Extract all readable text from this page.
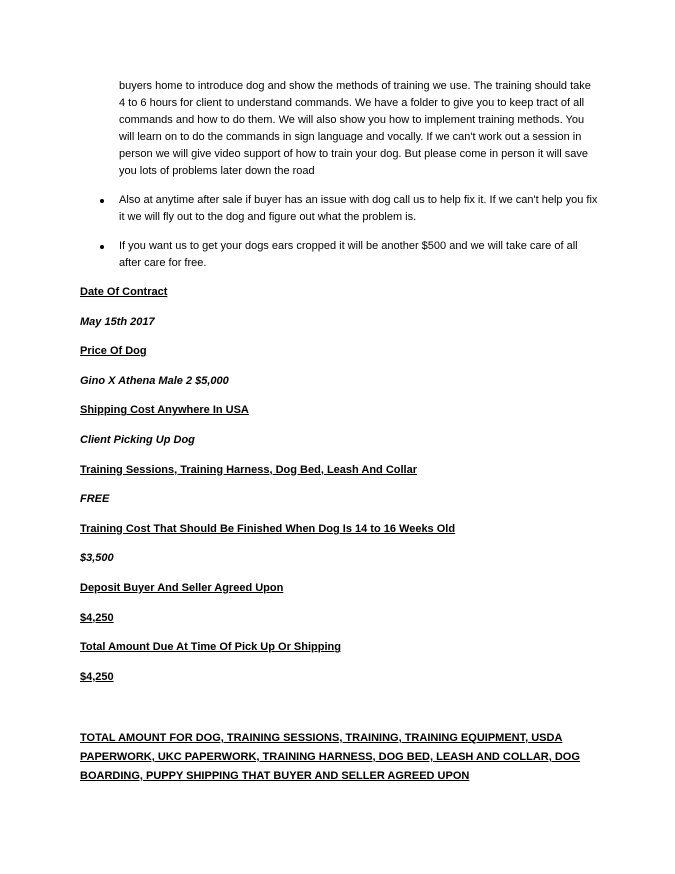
buyers home to introduce dog and show the methods of training we use. The training should take 4 to 6 hours for client to understand commands. We have a folder to give you to keep tract of all commands and how to do them. We will also show you how to implement training methods. You will learn on to do the commands in sign language and vocally. If we can't work out a session in person we will give video support of how to train your dog. But please come in person it will save you lots of problems later down the road
Also at anytime after sale if buyer has an issue with dog call us to help fix it. If we can't help you fix it we will fly out to the dog and figure out what the problem is.
If you want us to get your dogs ears cropped it will be another $500 and we will take care of all after care for free.
Date Of Contract
May 15th 2017
Price Of Dog
Gino X Athena Male 2 $5,000
Shipping Cost Anywhere In USA
Client Picking Up Dog
Training Sessions, Training Harness, Dog Bed, Leash And Collar
FREE
Training Cost That Should Be Finished When Dog Is 14 to 16 Weeks Old
$3,500
Deposit Buyer And Seller Agreed Upon
$4,250
Total Amount Due At Time Of Pick Up Or Shipping
$4,250
TOTAL AMOUNT FOR DOG, TRAINING SESSIONS, TRAINING, TRAINING EQUIPMENT, USDA PAPERWORK, UKC PAPERWORK, TRAINING HARNESS, DOG BED, LEASH AND COLLAR, DOG BOARDING, PUPPY SHIPPING THAT BUYER AND SELLER AGREED UPON
